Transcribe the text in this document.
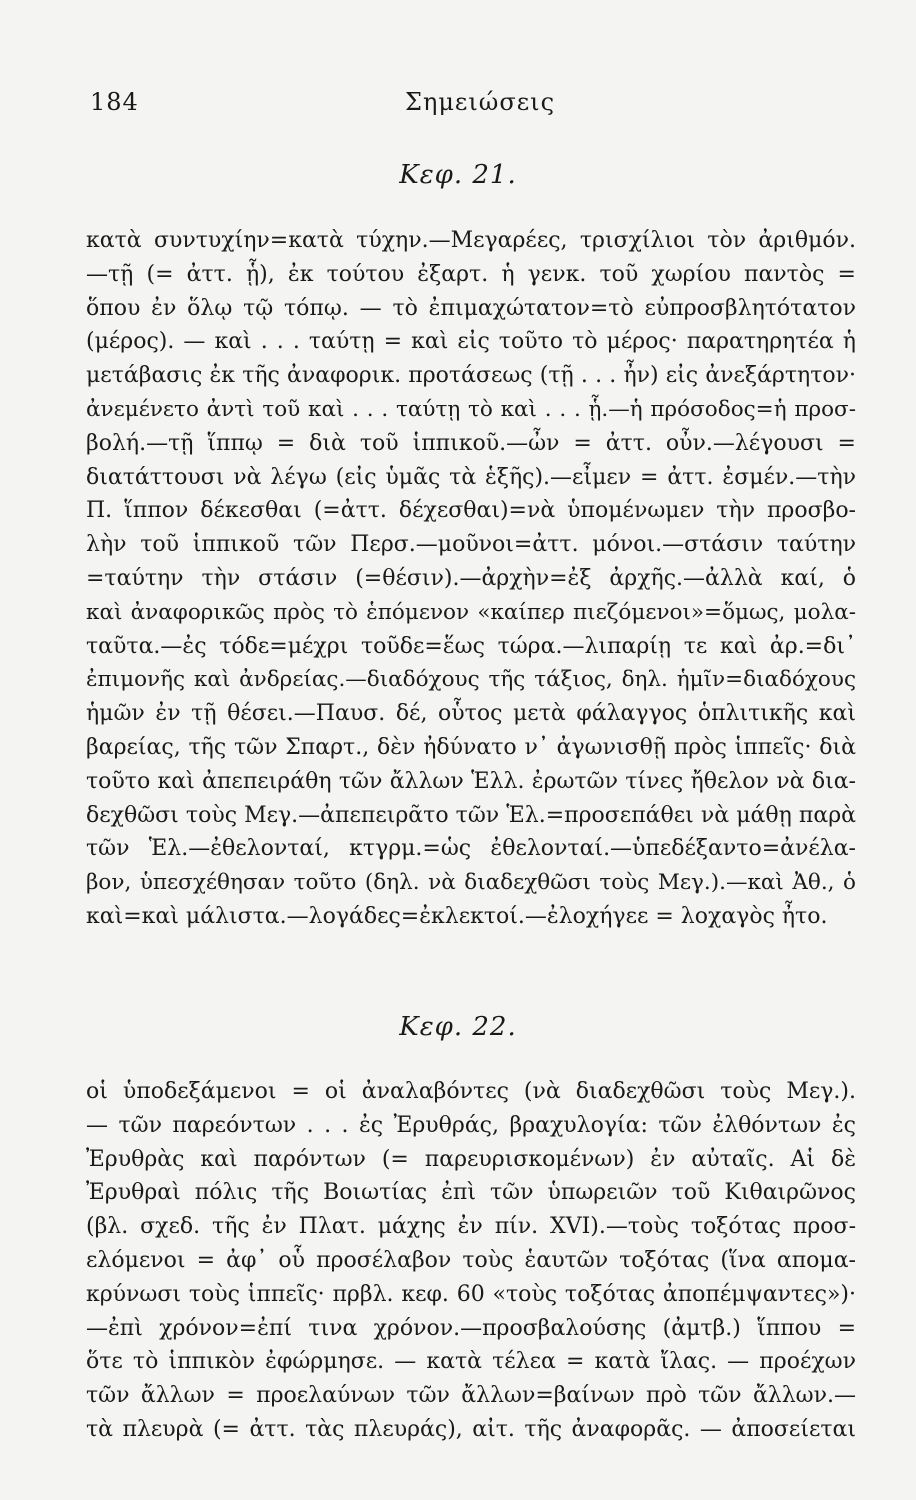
184	Σημειώσεις
Κεφ. 21.
κατὰ συντυχίην=κατὰ τύχην.—Μεγαρέες, τρισχίλιοι τὸν ἀριθμόν.
—τῇ (= ἀττ. ᾗ), ἐκ τούτου ἐξαρτ. ἡ γενκ. τοῦ χωρίου παντὸς =
ὅπου ἐν ὅλῳ τῷ τόπῳ. — τὸ ἐπιμαχώτατον=τὸ εὐπροσβλητότατον
(μέρος). — καὶ . . . ταύτῃ = καὶ εἰς τοῦτο τὸ μέρος· παρατηρητέα ἡ
μετάβασις ἐκ τῆς ἀναφορικ. προτάσεως (τῇ . . . ἦν) εἰς ἀνεξάρτητον·
ἀνεμένετο ἀντὶ τοῦ καὶ . . . ταύτῃ τὸ καὶ . . . ᾗ.—ἡ πρόσοδος=ἡ προσ-
βολή.—τῇ ἵππῳ = διὰ τοῦ ἱππικοῦ.—ὦν = ἀττ. οὖν.—λέγουσι =
διατάττουσι νὰ λέγω (εἰς ὑμᾶς τὰ ἑξῆς).—εἶμεν = ἀττ. ἐσμέν.—τὴν
Π. ἵππον δέκεσθαι (=ἀττ. δέχεσθαι)=νὰ ὑπομένωμεν τὴν προσβο-
λὴν τοῦ ἱππικοῦ τῶν Περσ.—μοῦνοι=ἀττ. μόνοι.—στάσιν ταύτην
=ταύτην τὴν στάσιν (=θέσιν).—ἀρχὴν=ἐξ ἀρχῆς.—ἀλλὰ καί, ὁ
καὶ ἀναφορικῶς πρὸς τὸ ἑπόμενον «καίπερ πιεζόμενοι»=ὅμως, μολα-
ταῦτα.—ἐς τόδε=μέχρι τοῦδε=ἕως τώρα.—λιπαρίῃ τε καὶ ἀρ.=δι᾽
ἐπιμονῆς καὶ ἀνδρείας.—διαδόχους τῆς τάξιος, δηλ. ἡμῖν=διαδόχους
ἡμῶν ἐν τῇ θέσει.—Παυσ. δέ, οὗτος μετὰ φάλαγγος ὁπλιτικῆς καὶ
βαρείας, τῆς τῶν Σπαρτ., δὲν ἠδύνατο ν᾽ ἀγωνισθῇ πρὸς ἱππεῖς· διὰ
τοῦτο καὶ ἀπεπειράθη τῶν ἄλλων Ἑλλ. ἐρωτῶν τίνες ἤθελον νὰ δια-
δεχθῶσι τοὺς Μεγ.—ἀπεπειρᾶτο τῶν Ἑλ.=προσεπάθει νὰ μάθῃ παρὰ
τῶν Ἑλ.—ἐθελονταί, κτγρμ.=ὡς ἐθελονταί.—ὑπεδέξαντο=ἀνέλα-
βον, ὑπεσχέθησαν τοῦτο (δηλ. νὰ διαδεχθῶσι τοὺς Μεγ.).—καὶ Ἀθ., ὁ
καὶ=καὶ μάλιστα.—λογάδες=ἐκλεκτοί.—ἐλοχήγεε = λοχαγὸς ἦτο.
Κεφ. 22.
οἱ ὑποδεξάμενοι = οἱ ἀναλαβόντες (νὰ διαδεχθῶσι τοὺς Μεγ.).
— τῶν παρεόντων . . . ἐς Ἐρυθράς, βραχυλογία: τῶν ἐλθόντων ἐς
Ἐρυθρὰς καὶ παρόντων (= παρευρισκομένων) ἐν αὐταῖς. Αἱ δὲ
Ἐρυθραὶ πόλις τῆς Βοιωτίας ἐπὶ τῶν ὑπωρειῶν τοῦ Κιθαιρῶνος
(βλ. σχεδ. τῆς ἐν Πλατ. μάχης ἐν πίν. XVI).—τοὺς τοξότας προσ-
ελόμενοι = ἀφ᾽ οὗ προσέλαβον τοὺς ἑαυτῶν τοξότας (ἵνα απομα-
κρύνωσι τοὺς ἱππεῖς· πρβλ. κεφ. 60 «τοὺς τοξότας ἀποπέμψαντες»)·
—ἐπὶ χρόνον=ἐπί τινα χρόνον.—προσβαλούσης (ἀμτβ.) ἵππου =
ὅτε τὸ ἱππικὸν ἐφώρμησε. — κατὰ τέλεα = κατὰ ἴλας. — προέχων
τῶν ἄλλων = προελαύνων τῶν ἄλλων=βαίνων πρὸ τῶν ἄλλων.—
τὰ πλευρὰ (= ἀττ. τὰς πλευράς), αἰτ. τῆς ἀναφορᾶς. — ἀποσείεται
